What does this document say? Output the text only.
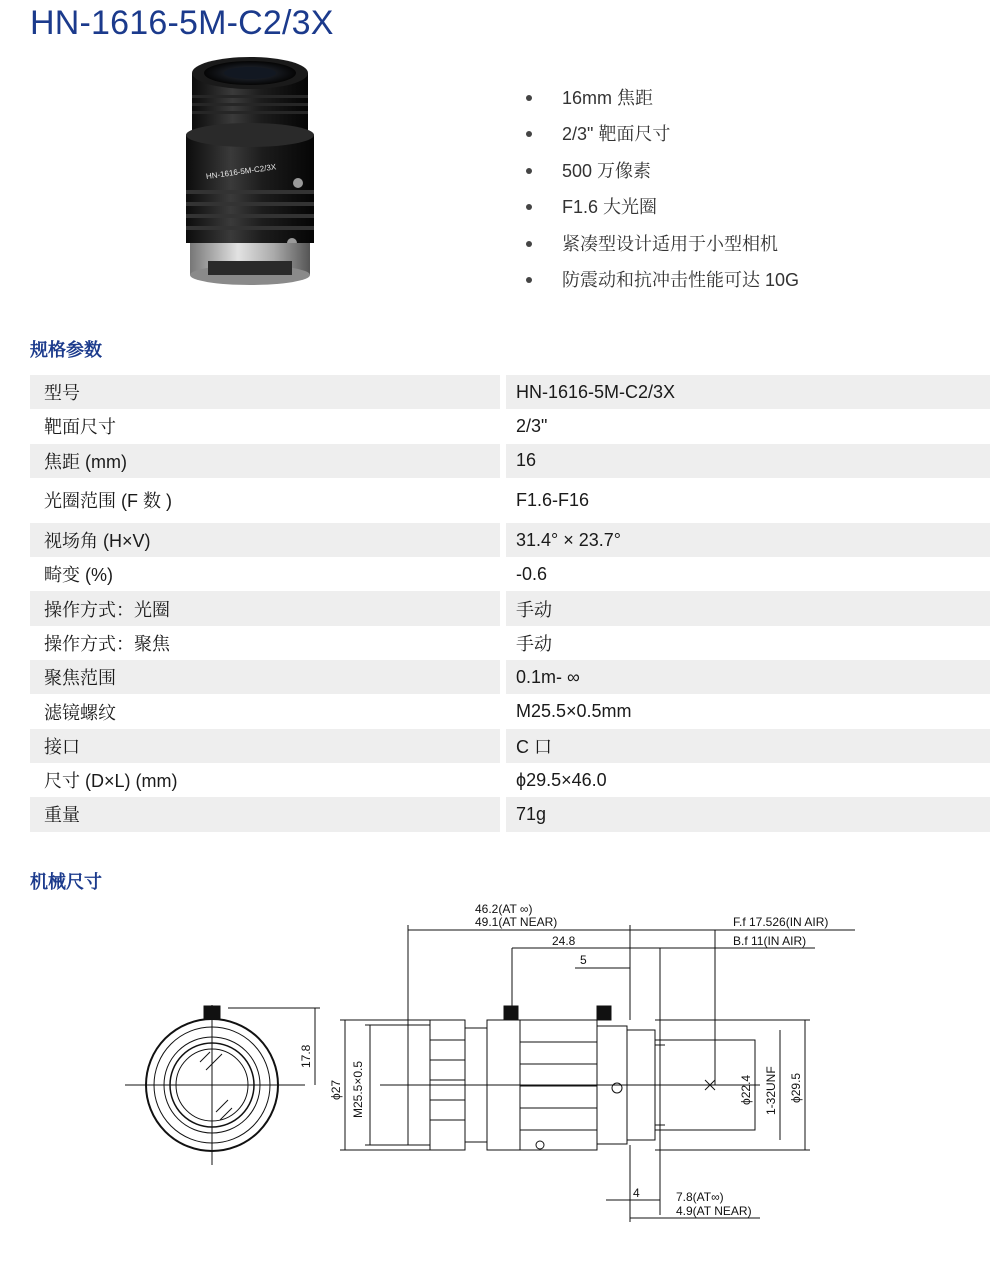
HN-1616-5M-C2/3X
HN-1616-5M-C2/3X
16mm 焦距
2/3" 靶面尺寸
500 万像素
F1.6 大光圈
紧凑型设计适用于小型相机
防震动和抗冲击性能可达 10G
规格参数
型号	HN-1616-5M-C2/3X
靶面尺寸	2/3"
焦距 (mm)	16
光圈范围 (F 数 )	F1.6-F16
视场角 (H×V)	31.4° × 23.7°
畸变 (%)	-0.6
操作方式：光圈	手动
操作方式：聚焦	手动
聚焦范围	0.1m- ∞
滤镜螺纹	M25.5×0.5mm
接口	C 口
尺寸 (D×L) (mm)	ϕ29.5×46.0
重量	71g
机械尺寸
46.2(AT ∞)
49.1(AT NEAR)
24.8
5
F.f 17.526(IN AIR)
B.f 11(IN AIR)
17.8
ϕ27 M25.5×0.5	ϕ22.4 1-32UNF ϕ29.5
4	7.8(AT∞)
4.9(AT NEAR)
